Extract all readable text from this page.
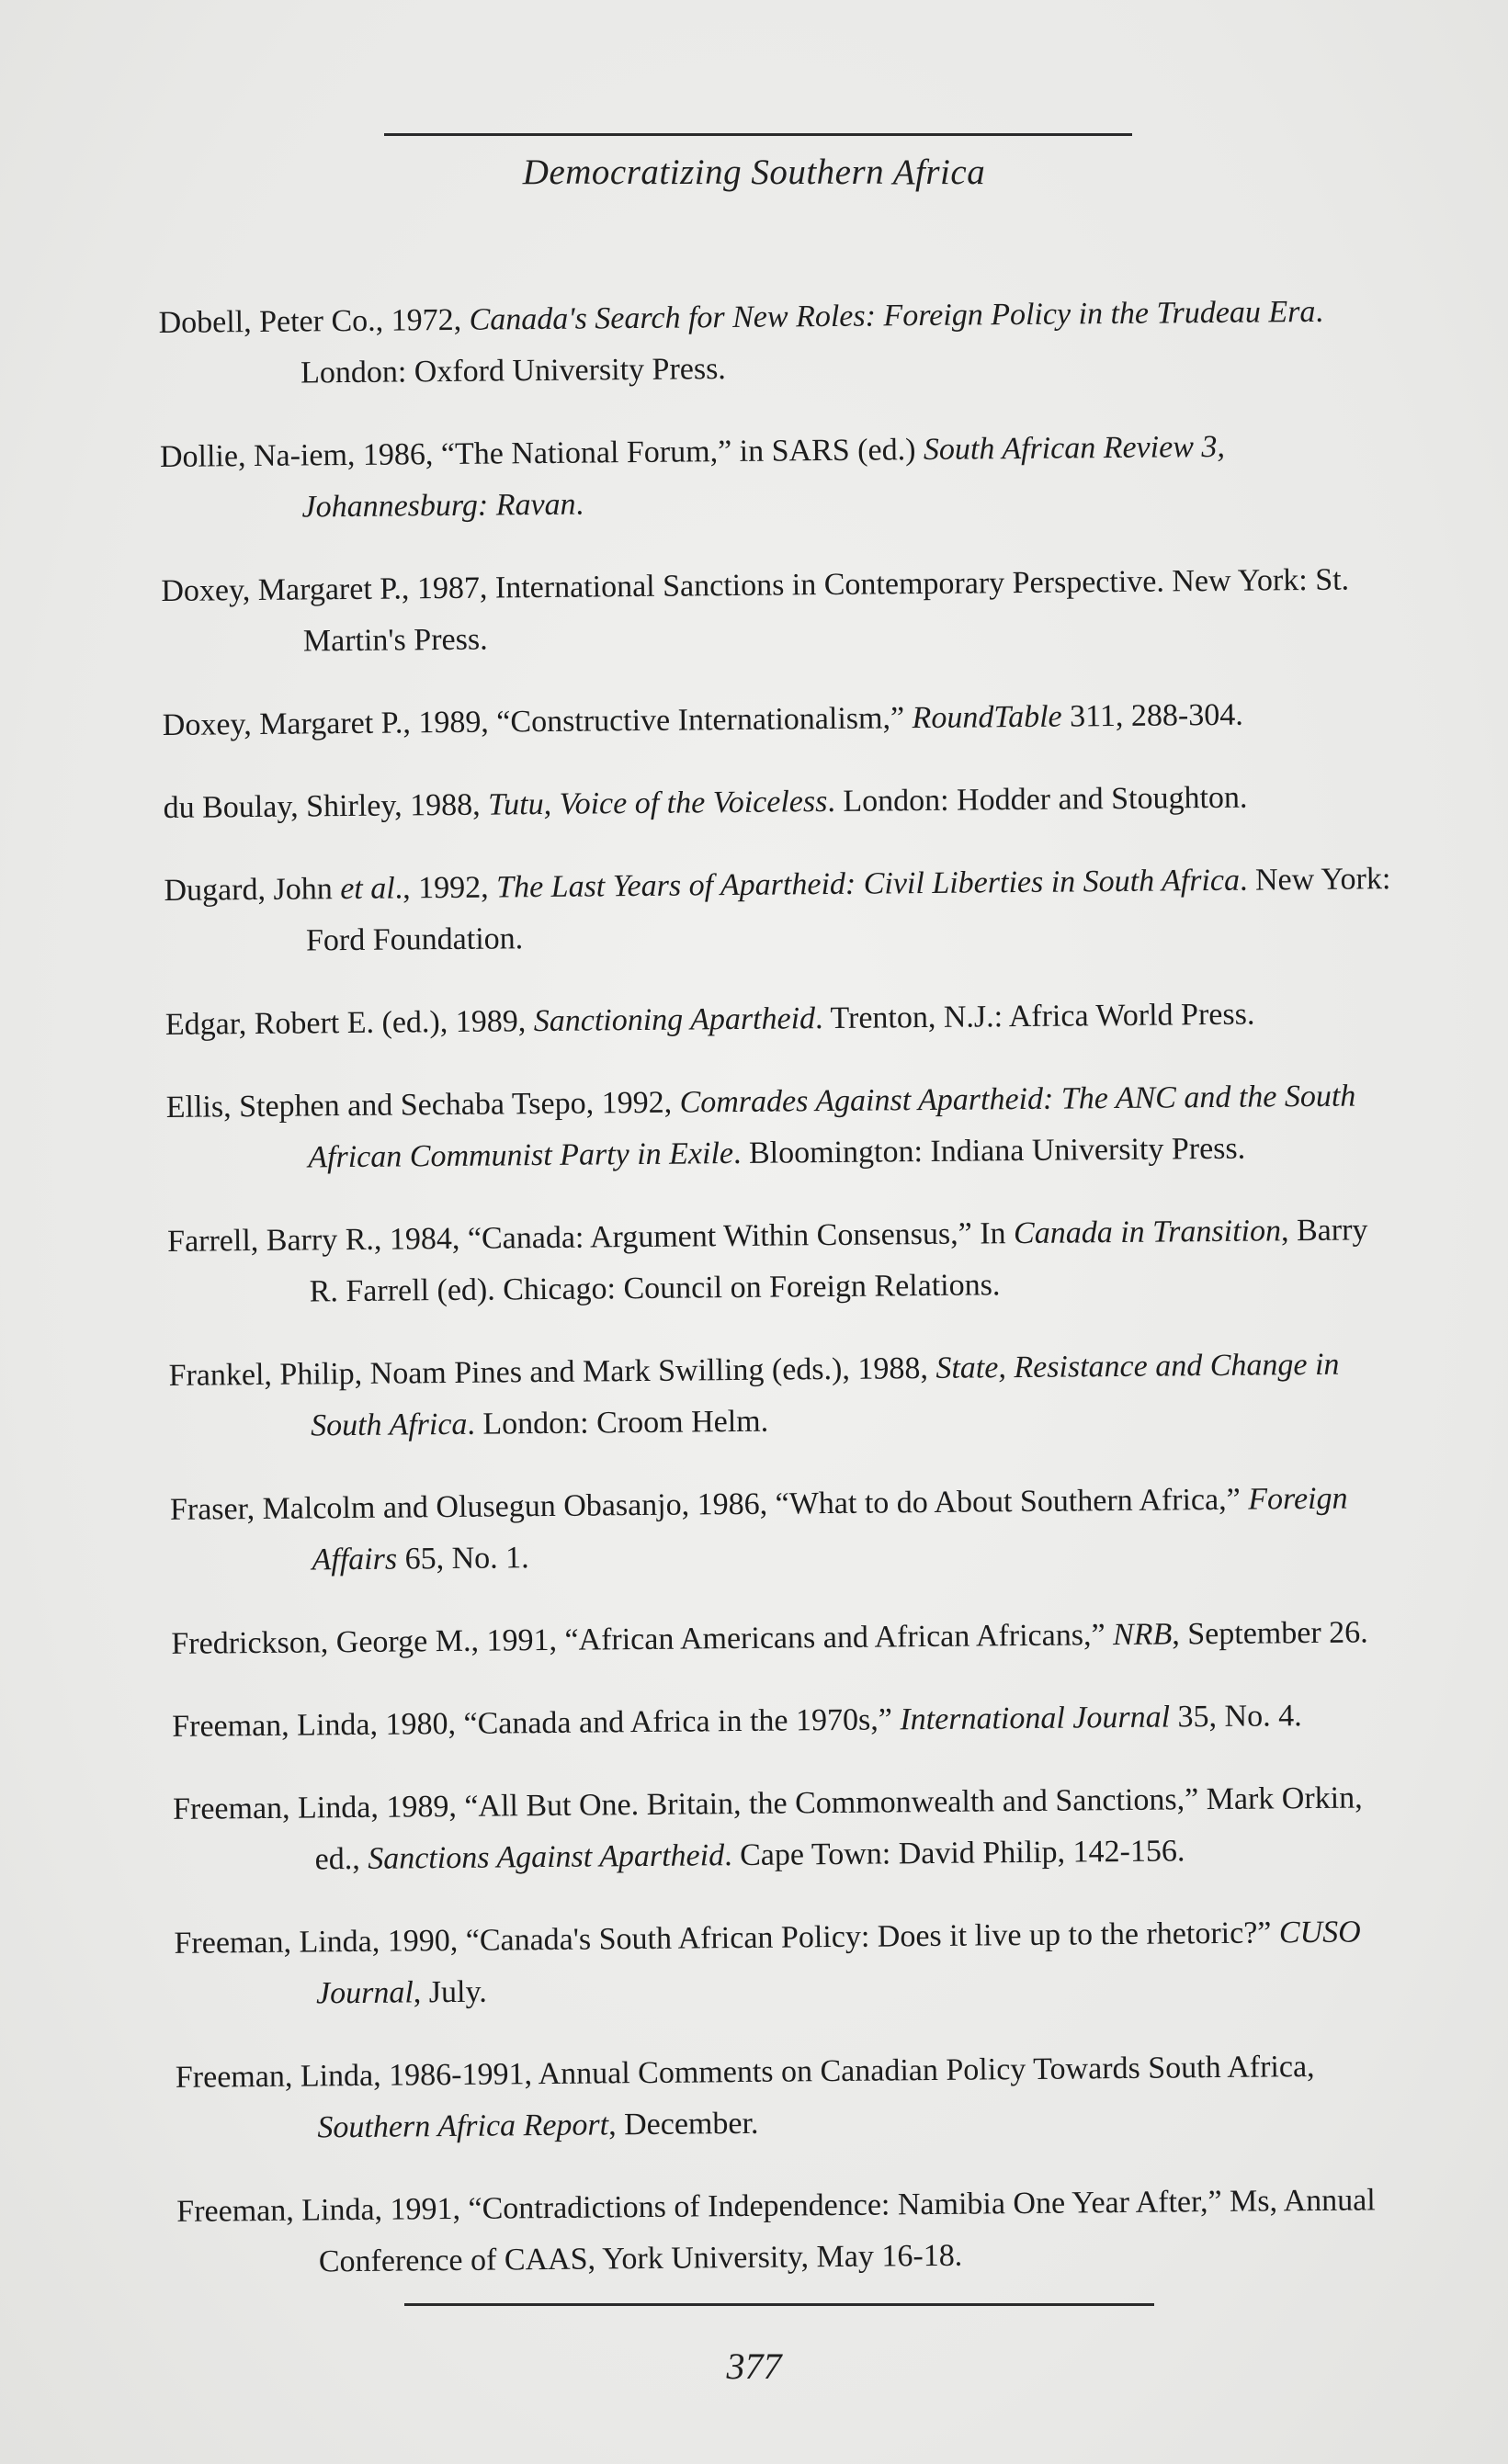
Democratizing Southern Africa

Dobell, Peter Co., 1972, Canada's Search for New Roles: Foreign Policy in the Trudeau Era. London: Oxford University Press.

Dollie, Na-iem, 1986, “The National Forum,” in SARS (ed.) South African Review 3, Johannesburg: Ravan.

Doxey, Margaret P., 1987, International Sanctions in Contemporary Perspective. New York: St. Martin's Press.

Doxey, Margaret P., 1989, “Constructive Internationalism,” RoundTable 311, 288-304.

du Boulay, Shirley, 1988, Tutu, Voice of the Voiceless. London: Hodder and Stoughton.

Dugard, John et al., 1992, The Last Years of Apartheid: Civil Liberties in South Africa. New York: Ford Foundation.

Edgar, Robert E. (ed.), 1989, Sanctioning Apartheid. Trenton, N.J.: Africa World Press.

Ellis, Stephen and Sechaba Tsepo, 1992, Comrades Against Apartheid: The ANC and the South African Communist Party in Exile. Bloomington: Indiana University Press.

Farrell, Barry R., 1984, “Canada: Argument Within Consensus,” In Canada in Transition, Barry R. Farrell (ed). Chicago: Council on Foreign Relations.

Frankel, Philip, Noam Pines and Mark Swilling (eds.), 1988, State, Resistance and Change in South Africa. London: Croom Helm.

Fraser, Malcolm and Olusegun Obasanjo, 1986, “What to do About Southern Africa,” Foreign Affairs 65, No. 1.

Fredrickson, George M., 1991, “African Americans and African Africans,” NRB, September 26.

Freeman, Linda, 1980, “Canada and Africa in the 1970s,” International Journal 35, No. 4.

Freeman, Linda, 1989, “All But One. Britain, the Commonwealth and Sanctions,” Mark Orkin, ed., Sanctions Against Apartheid. Cape Town: David Philip, 142-156.

Freeman, Linda, 1990, “Canada's South African Policy: Does it live up to the rhetoric?” CUSO Journal, July.

Freeman, Linda, 1986-1991, Annual Comments on Canadian Policy Towards South Africa, Southern Africa Report, December.

Freeman, Linda, 1991, “Contradictions of Independence: Namibia One Year After,” Ms, Annual Conference of CAAS, York University, May 16-18.

377
